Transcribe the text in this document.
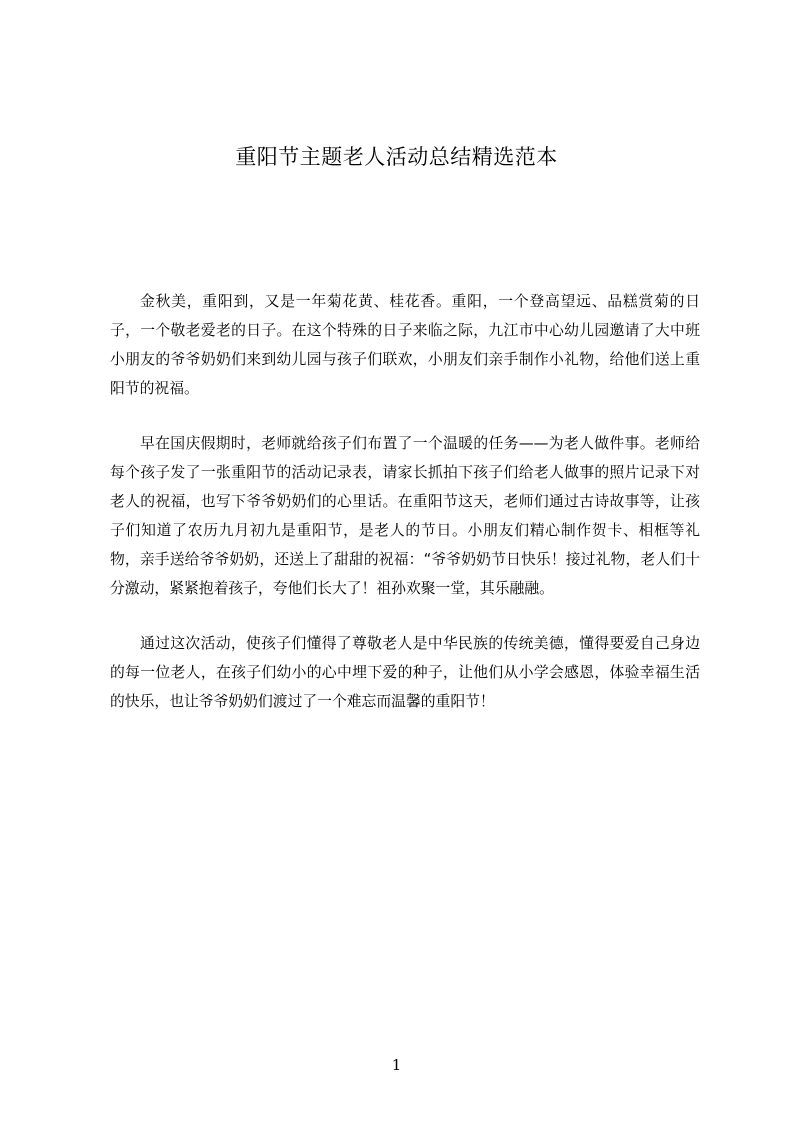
重阳节主题老人活动总结精选范本

金秋美，重阳到，又是一年菊花黄、桂花香。重阳，一个登高望远、品糕赏菊的日子，一个敬老爱老的日子。在这个特殊的日子来临之际，九江市中心幼儿园邀请了大中班小朋友的爷爷奶奶们来到幼儿园与孩子们联欢，小朋友们亲手制作小礼物，给他们送上重阳节的祝福。

早在国庆假期时，老师就给孩子们布置了一个温暖的任务——为老人做件事。老师给每个孩子发了一张重阳节的活动记录表，请家长抓拍下孩子们给老人做事的照片记录下对老人的祝福，也写下爷爷奶奶们的心里话。在重阳节这天，老师们通过古诗故事等，让孩子们知道了农历九月初九是重阳节，是老人的节日。小朋友们精心制作贺卡、相框等礼物，亲手送给爷爷奶奶，还送上了甜甜的祝福：“爷爷奶奶节日快乐！接过礼物，老人们十分激动，紧紧抱着孩子，夸他们长大了！祖孙欢聚一堂，其乐融融。

通过这次活动，使孩子们懂得了尊敬老人是中华民族的传统美德，懂得要爱自己身边的每一位老人，在孩子们幼小的心中埋下爱的种子，让他们从小学会感恩，体验幸福生活的快乐，也让爷爷奶奶们渡过了一个难忘而温馨的重阳节！

1
